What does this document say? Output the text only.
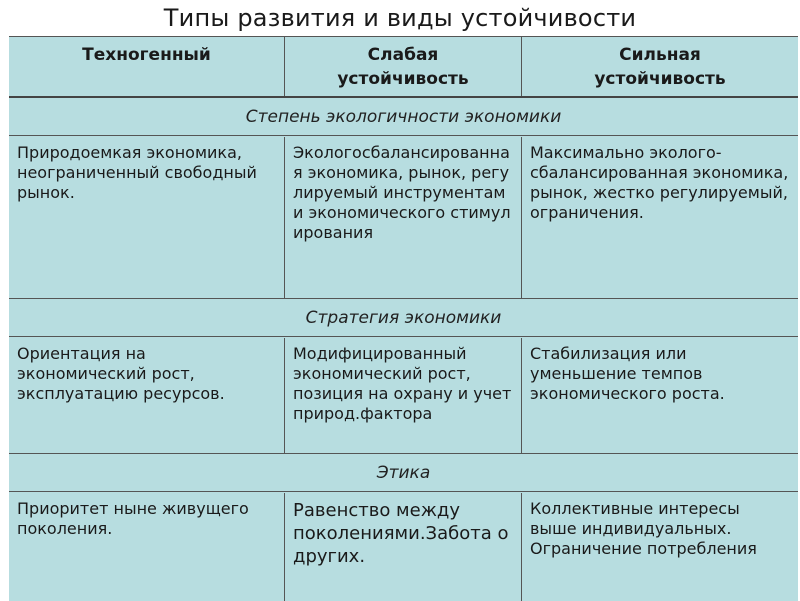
Типы развития и виды устойчивости
Техногенный	Слабая устойчивость
Сильная устойчивость
Степень экологичности экономики
Природоемкая экономика, неограниченный свободный рынок.
Экологосбалансированная экономика, рынок, регулируемый инструментами экономического стимулирования
Максимально эколого-сбалансированная экономика, рынок, жестко регулируемый, ограничения.
Стратегия экономики
Ориентация на экономический рост, эксплуатацию ресурсов.
Модифицированный экономический рост, позиция на охрану и учет природ.фактора
Стабилизация или уменьшение темпов экономического роста.
Этика
Приоритет ныне живущего поколения.
Равенство между поколениями.Забота о других.
Коллективные интересы выше индивидуальных. Ограничение потребления
